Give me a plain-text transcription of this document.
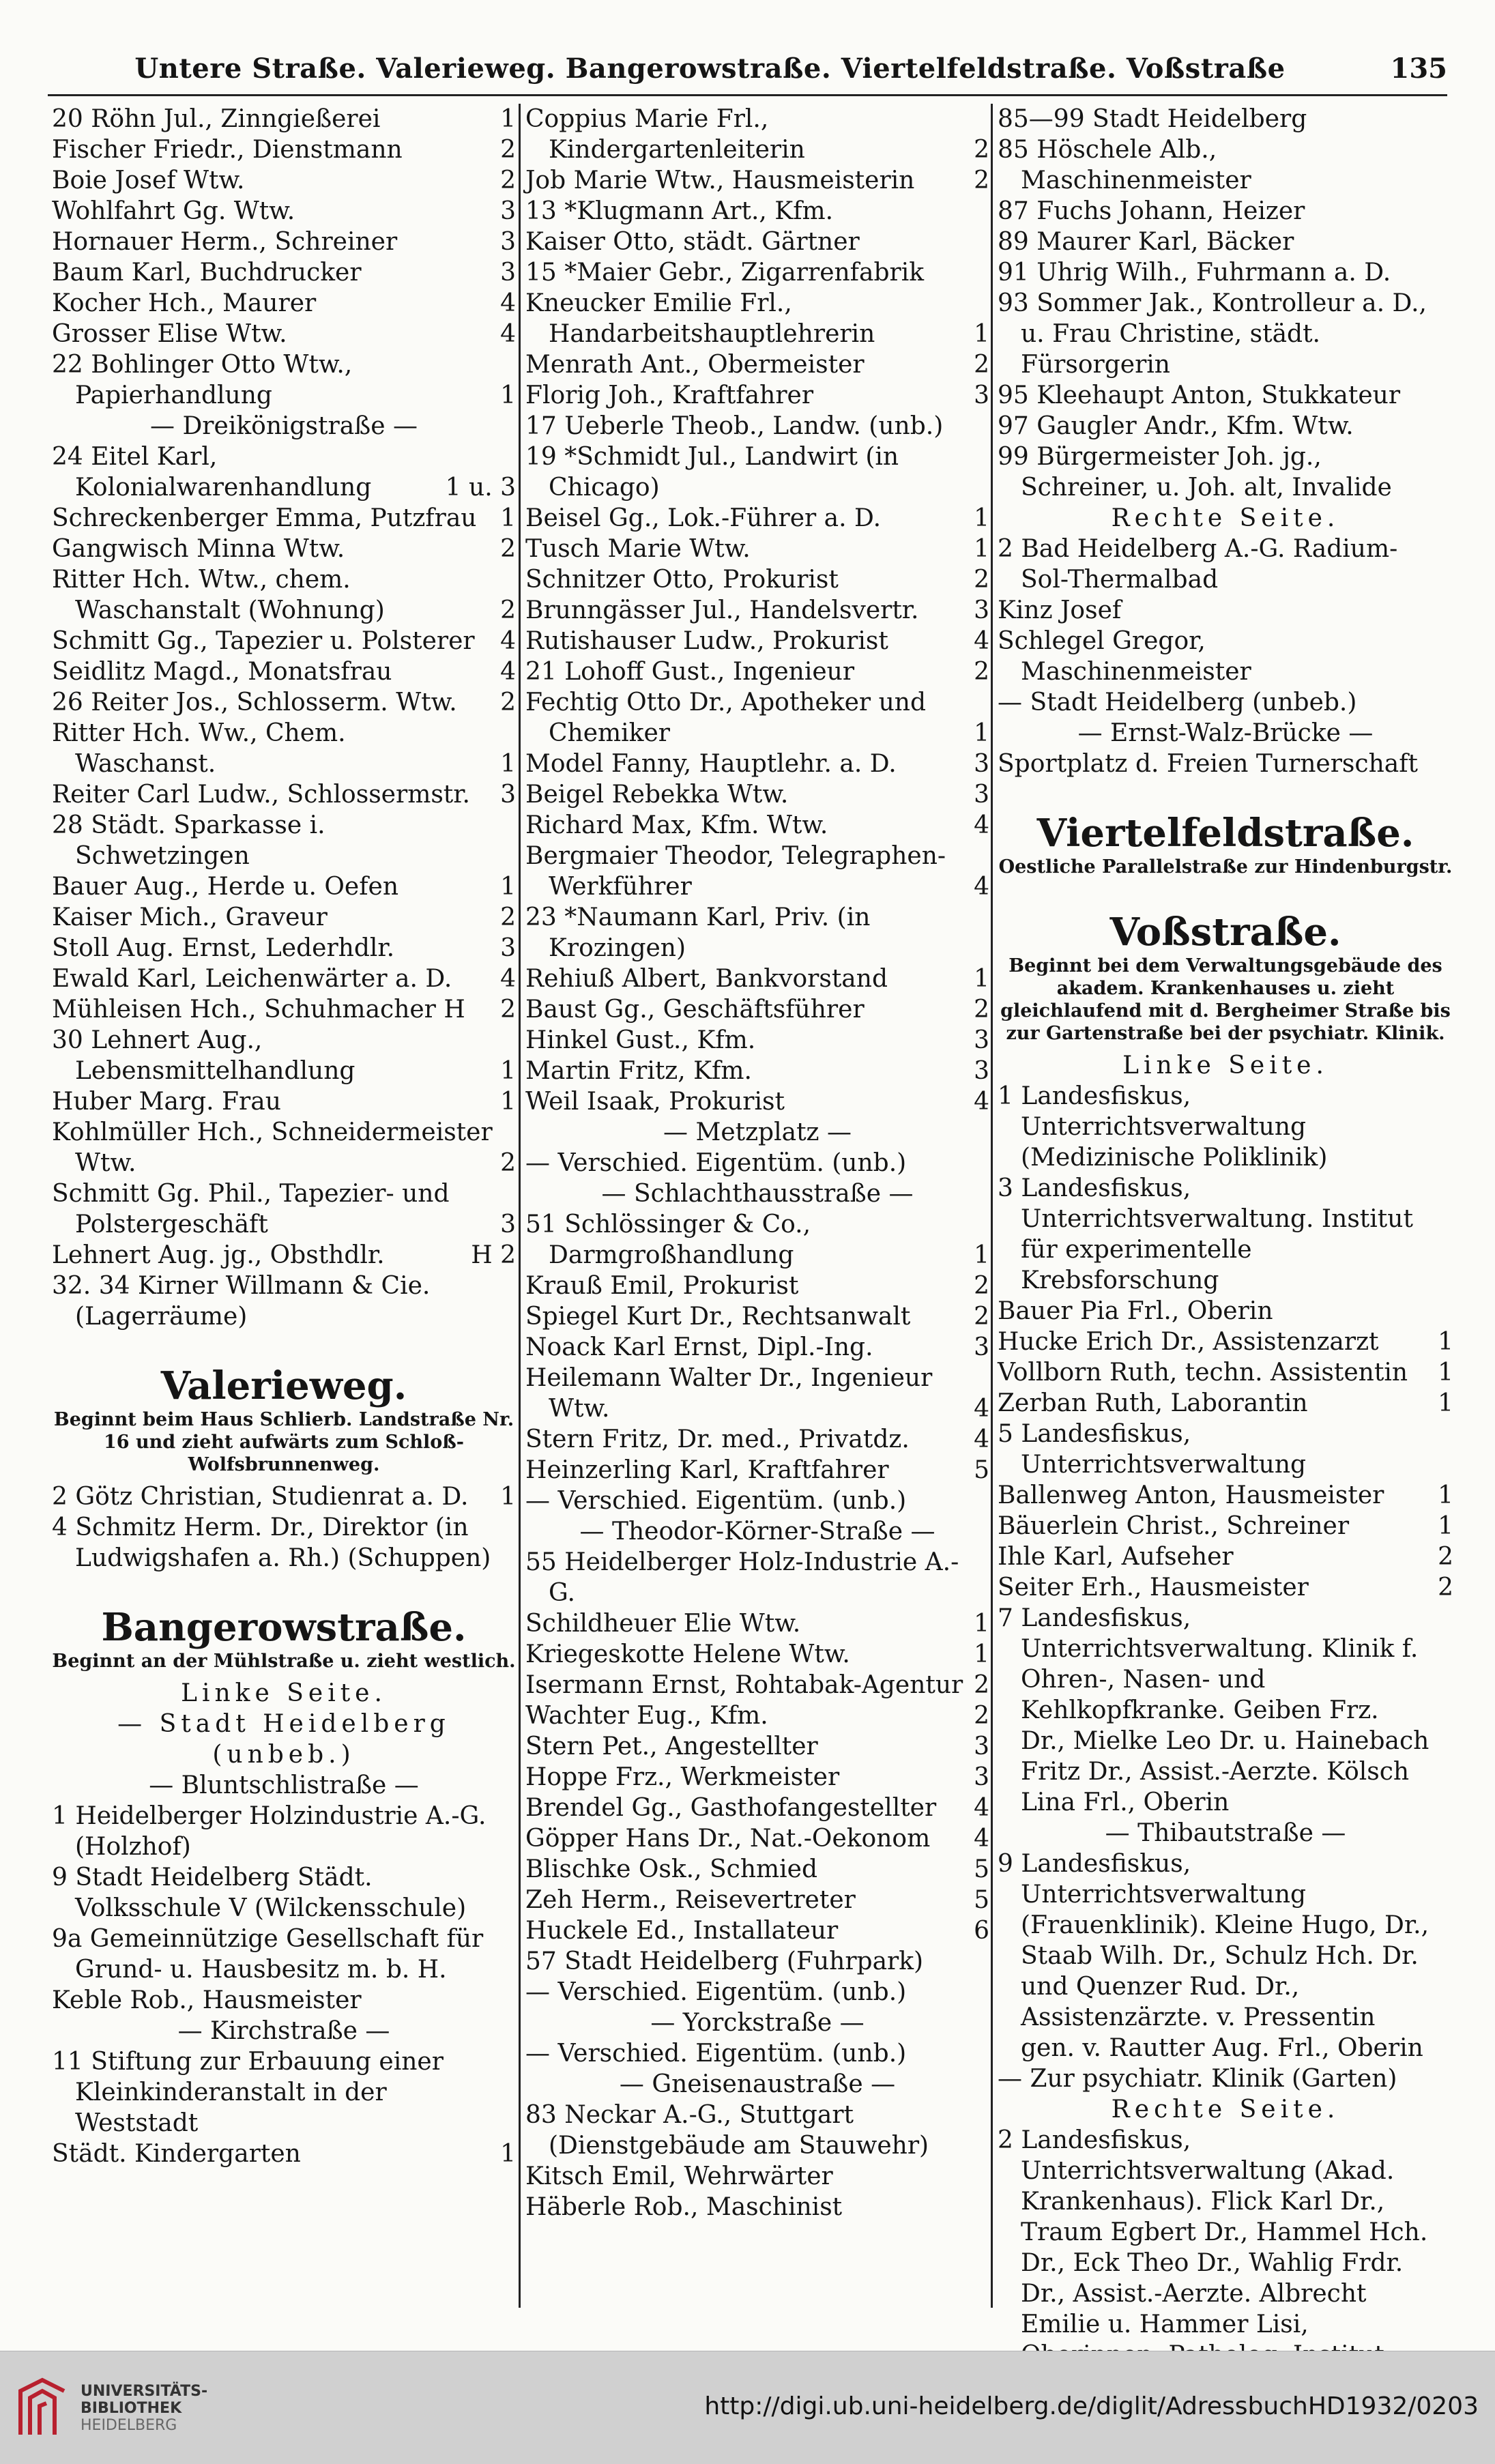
Untere Straße. Valerieweg. Bangerowstraße. Viertelfeldstraße. Voßstraße	135
20 Röhn Jul., Zinngießerei	1
Fischer Friedr., Dienstmann	2
Boie Josef Wtw.	2
Wohlfahrt Gg. Wtw.	3
Hornauer Herm., Schreiner	3
Baum Karl, Buchdrucker	3
Kocher Hch., Maurer	4
Grosser Elise Wtw.	4
22 Bohlinger Otto Wtw., Papierhandlung	1
— Dreikönigstraße —
24 Eitel Karl, Kolonialwarenhandlung	1 u. 3
Schreckenberger Emma, Putzfrau 1
Gangwisch Minna Wtw.	2
Ritter Hch. Wtw., chem. Waschanstalt (Wohnung)	2
Schmitt Gg., Tapezier u. Polsterer	4
Seidlitz Magd., Monatsfrau	4
26 Reiter Jos., Schlosserm. Wtw.	2
Ritter Hch. Ww., Chem. Waschanst.	1
Reiter Carl Ludw., Schlossermstr.	3
28 Städt. Sparkasse i. Schwetzingen
Bauer Aug., Herde u. Oefen	1
Kaiser Mich., Graveur	2
Stoll Aug. Ernst, Lederhdlr.	3
Ewald Karl, Leichenwärter a. D.	4
Mühleisen Hch., Schuhmacher H	2
30 Lehnert Aug., Lebensmittelhandlung	1
Huber Marg. Frau	1
Kohlmüller Hch., Schneidermeister Wtw.	2
Schmitt Gg. Phil., Tapezier- und Polstergeschäft	3
Lehnert Aug. jg., Obsthdlr.	H 2
32. 34 Kirner Willmann & Cie. (Lagerräume)
Valerieweg.
Beginnt beim Haus Schlierb. Landstraße Nr. 16 und zieht aufwärts zum Schloß-Wolfsbrunnenweg.
2 Götz Christian, Studienrat a. D.	1
4 Schmitz Herm. Dr., Direktor (in Ludwigshafen a. Rh.) (Schuppen)
Bangerowstraße.
Beginnt an der Mühlstraße u. zieht westlich.
Linke Seite.
— Stadt Heidelberg (unbeb.)
— Bluntschlistraße —
1 Heidelberger Holzindustrie A.-G. (Holzhof)
9 Stadt Heidelberg Städt. Volksschule V (Wilckensschule)
9a Gemeinnützige Gesellschaft für Grund- u. Hausbesitz m. b. H.
Keble Rob., Hausmeister
— Kirchstraße —
11 Stiftung zur Erbauung einer Kleinkinderanstalt in der Weststadt
Städt. Kindergarten	1
Coppius Marie Frl., Kindergartenleiterin	2
Job Marie Wtw., Hausmeisterin	2
13 *Klugmann Art., Kfm.
Kaiser Otto, städt. Gärtner
15 *Maier Gebr., Zigarrenfabrik
Kneucker Emilie Frl., Handarbeitshauptlehrerin	1
Menrath Ant., Obermeister	2
Florig Joh., Kraftfahrer	3
17 Ueberle Theob., Landw. (unb.)
19 *Schmidt Jul., Landwirt (in Chicago)
Beisel Gg., Lok.-Führer a. D.	1
Tusch Marie Wtw.	1
Schnitzer Otto, Prokurist	2
Brunngässer Jul., Handelsvertr.	3
Rutishauser Ludw., Prokurist	4
21 Lohoff Gust., Ingenieur	2
Fechtig Otto Dr., Apotheker und Chemiker	1
Model Fanny, Hauptlehr. a. D.	3
Beigel Rebekka Wtw.	3
Richard Max, Kfm. Wtw.	4
Bergmaier Theodor, Telegraphen-Werkführer	4
23 *Naumann Karl, Priv. (in Krozingen)
Rehiuß Albert, Bankvorstand	1
Baust Gg., Geschäftsführer	2
Hinkel Gust., Kfm.	3
Martin Fritz, Kfm.	3
Weil Isaak, Prokurist	4
— Metzplatz —
— Verschied. Eigentüm. (unb.)
— Schlachthausstraße —
51 Schlössinger & Co., Darmgroßhandlung	1
Krauß Emil, Prokurist	2
Spiegel Kurt Dr., Rechtsanwalt	2
Noack Karl Ernst, Dipl.-Ing.	3
Heilemann Walter Dr., Ingenieur Wtw.	4
Stern Fritz, Dr. med., Privatdz.	4
Heinzerling Karl, Kraftfahrer	5
— Verschied. Eigentüm. (unb.)
— Theodor-Körner-Straße —
55 Heidelberger Holz-Industrie A.-G.
Schildheuer Elie Wtw.	1
Kriegeskotte Helene Wtw.	1
Isermann Ernst, Rohtabak-Agentur 2
Wachter Eug., Kfm.	2
Stern Pet., Angestellter	3
Hoppe Frz., Werkmeister	3
Brendel Gg., Gasthofangestellter	4
Göpper Hans Dr., Nat.-Oekonom	4
Blischke Osk., Schmied	5
Zeh Herm., Reisevertreter	5
Huckele Ed., Installateur	6
57 Stadt Heidelberg (Fuhrpark)
— Verschied. Eigentüm. (unb.)
— Yorckstraße —
— Verschied. Eigentüm. (unb.)
— Gneisenaustraße —
83 Neckar A.-G., Stuttgart (Dienstgebäude am Stauwehr)
Kitsch Emil, Wehrwärter
Häberle Rob., Maschinist
85—99 Stadt Heidelberg
85 Höschele Alb., Maschinenmeister
87 Fuchs Johann, Heizer
89 Maurer Karl, Bäcker
91 Uhrig Wilh., Fuhrmann a. D.
93 Sommer Jak., Kontrolleur a. D., u. Frau Christine, städt. Fürsorgerin
95 Kleehaupt Anton, Stukkateur
97 Gaugler Andr., Kfm. Wtw.
99 Bürgermeister Joh. jg., Schreiner, u. Joh. alt, Invalide
Rechte Seite.
2 Bad Heidelberg A.-G. Radium-Sol-Thermalbad
Kinz Josef
Schlegel Gregor, Maschinenmeister
— Stadt Heidelberg (unbeb.)
— Ernst-Walz-Brücke —
Sportplatz d. Freien Turnerschaft
Viertelfeldstraße.
Oestliche Parallelstraße zur Hindenburgstr.
Voßstraße.
Beginnt bei dem Verwaltungsgebäude des akadem. Krankenhauses u. zieht gleichlaufend mit d. Bergheimer Straße bis zur Gartenstraße bei der psychiatr. Klinik.
Linke Seite.
1 Landesfiskus, Unterrichtsverwaltung (Medizinische Poliklinik)
3 Landesfiskus, Unterrichtsverwaltung. Institut für experimentelle Krebsforschung
Bauer Pia Frl., Oberin
Hucke Erich Dr., Assistenzarzt	1
Vollborn Ruth, techn. Assistentin	1
Zerban Ruth, Laborantin	1
5 Landesfiskus, Unterrichtsverwaltung
Ballenweg Anton, Hausmeister	1
Bäuerlein Christ., Schreiner	1
Ihle Karl, Aufseher	2
Seiter Erh., Hausmeister	2
7 Landesfiskus, Unterrichtsverwaltung. Klinik f. Ohren-, Nasen- und Kehlkopfkranke. Geiben Frz. Dr., Mielke Leo Dr. u. Hainebach Fritz Dr., Assist.-Aerzte. Kölsch Lina Frl., Oberin
— Thibautstraße —
9 Landesfiskus, Unterrichtsverwaltung (Frauenklinik). Kleine Hugo, Dr., Staab Wilh. Dr., Schulz Hch. Dr. und Quenzer Rud. Dr., Assistenzärzte. v. Pressentin gen. v. Rautter Aug. Frl., Oberin
— Zur psychiatr. Klinik (Garten)
Rechte Seite.
2 Landesfiskus, Unterrichtsverwaltung (Akad. Krankenhaus). Flick Karl Dr., Traum Egbert Dr., Hammel Hch. Dr., Eck Theo Dr., Wahlig Frdr. Dr., Assist.-Aerzte. Albrecht Emilie u. Hammer Lisi,
UNIVERSITÄTS-
BIBLIOTHEK
HEIDELBERG
http://digi.ub.uni-heidelberg.de/diglit/AdressbuchHD1932/0203
